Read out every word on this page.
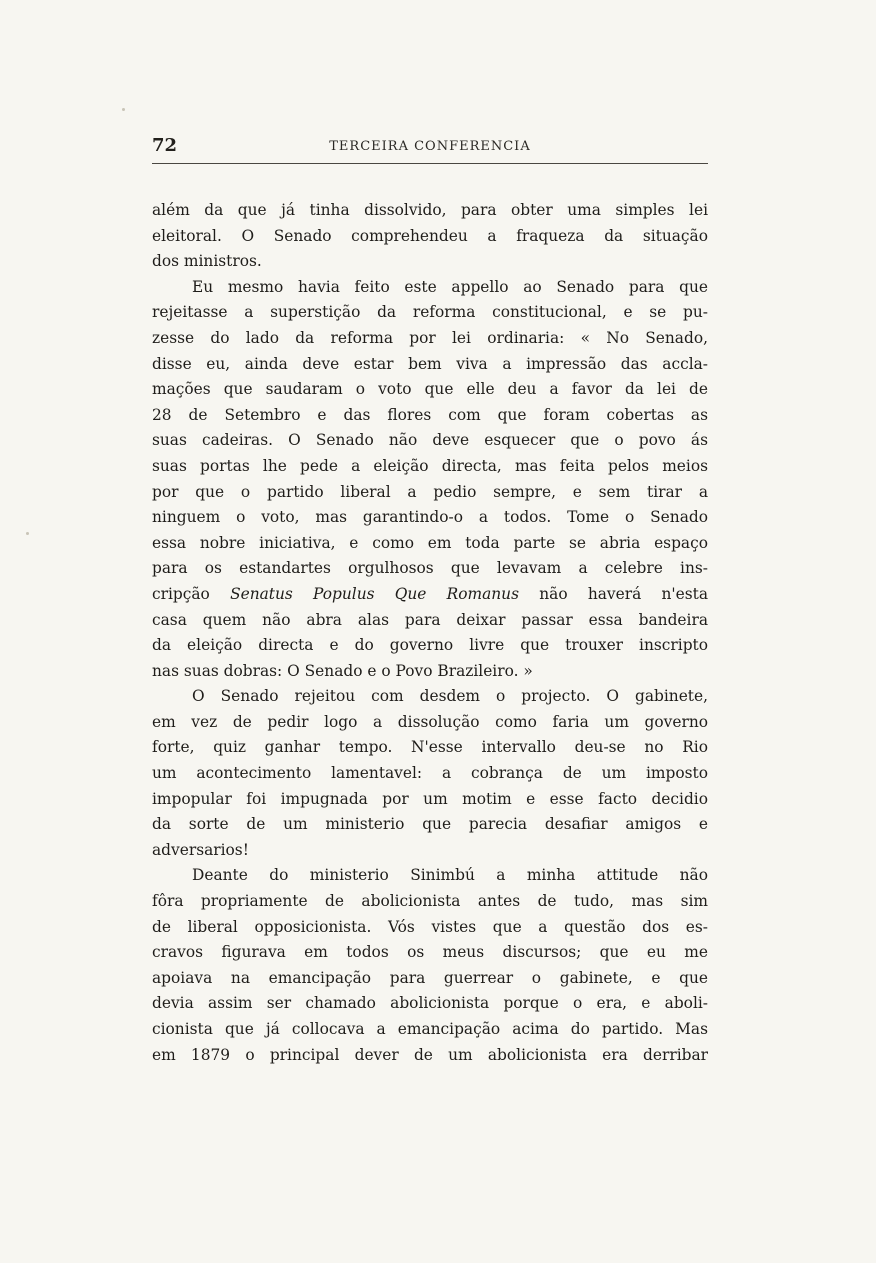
72	TERCEIRA CONFERENCIA
além da que já tinha dissolvido, para obter uma simples lei
eleitoral. O Senado comprehendeu a fraqueza da situação
dos ministros.
Eu mesmo havia feito este appello ao Senado para que
rejeitasse a superstição da reforma constitucional, e se pu-
zesse do lado da reforma por lei ordinaria: « No Senado,
disse eu, ainda deve estar bem viva a impressão das accla-
mações que saudaram o voto que elle deu a favor da lei de
28 de Setembro e das flores com que foram cobertas as
suas cadeiras. O Senado não deve esquecer que o povo ás
suas portas lhe pede a eleição directa, mas feita pelos meios
por que o partido liberal a pedio sempre, e sem tirar a
ninguem o voto, mas garantindo-o a todos. Tome o Senado
essa nobre iniciativa, e como em toda parte se abria espaço
para os estandartes orgulhosos que levavam a celebre ins-
cripção Senatus Populus Que Romanus não haverá n'esta
casa quem não abra alas para deixar passar essa bandeira
da eleição directa e do governo livre que trouxer inscripto
nas suas dobras: O Senado e o Povo Brazileiro. »
O Senado rejeitou com desdem o projecto. O gabinete,
em vez de pedir logo a dissolução como faria um governo
forte, quiz ganhar tempo. N'esse intervallo deu-se no Rio
um acontecimento lamentavel: a cobrança de um imposto
impopular foi impugnada por um motim e esse facto decidio
da sorte de um ministerio que parecia desafiar amigos e
adversarios!
Deante do ministerio Sinimbú a minha attitude não
fôra propriamente de abolicionista antes de tudo, mas sim
de liberal opposicionista. Vós vistes que a questão dos es-
cravos figurava em todos os meus discursos; que eu me
apoiava na emancipação para guerrear o gabinete, e que
devia assim ser chamado abolicionista porque o era, e aboli-
cionista que já collocava a emancipação acima do partido. Mas
em 1879 o principal dever de um abolicionista era derribar
